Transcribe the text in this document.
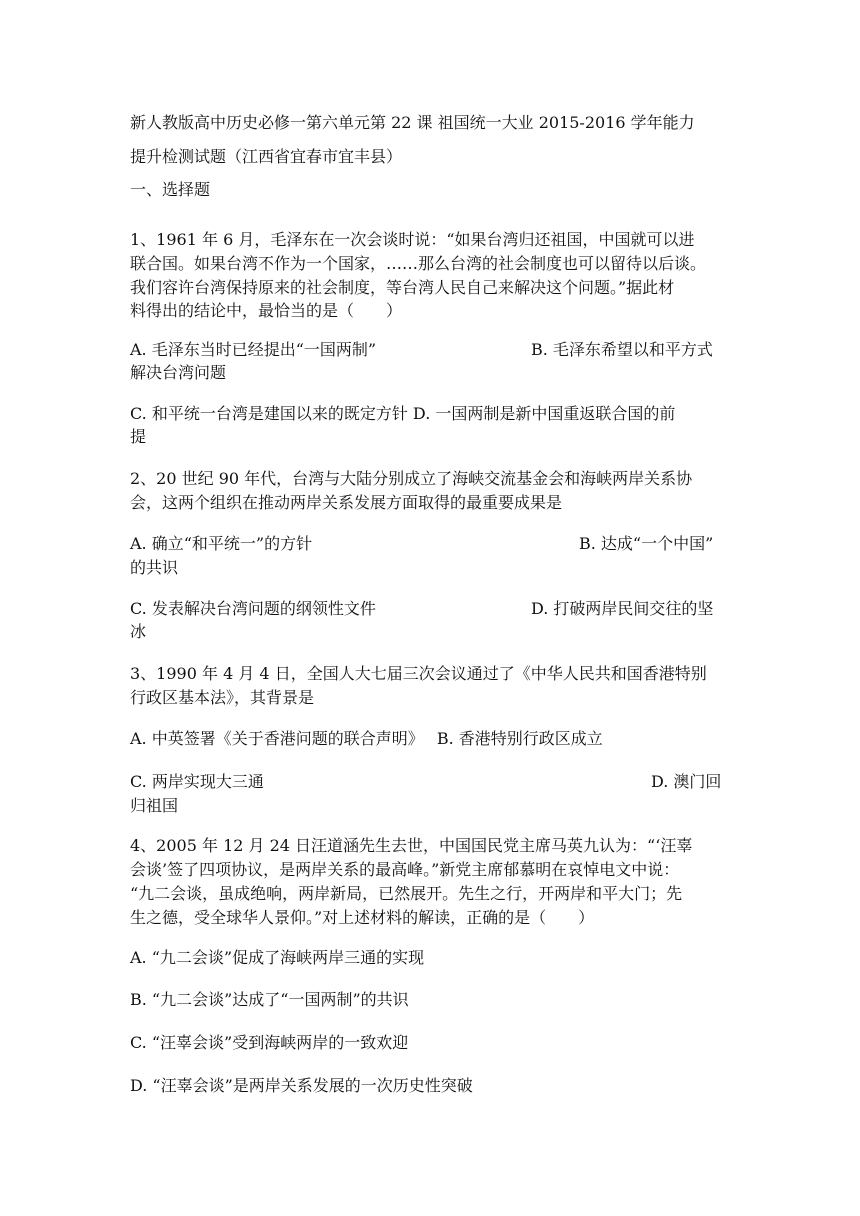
新人教版高中历史必修一第六单元第 22 课 祖国统一大业 2015-2016 学年能力
提升检测试题（江西省宜春市宜丰县）
一、选择题
1、1961 年 6 月，毛泽东在一次会谈时说：“如果台湾归还祖国，中国就可以进
联合国。如果台湾不作为一个国家，……那么台湾的社会制度也可以留待以后谈。
我们容许台湾保持原来的社会制度，等台湾人民自己来解决这个问题。”据此材
料得出的结论中，最恰当的是（　　）
A. 毛泽东当时已经提出“一国两制”	B. 毛泽东希望以和平方式
解决台湾问题
C. 和平统一台湾是建国以来的既定方针 D. 一国两制是新中国重返联合国的前
提
2、20 世纪 90 年代，台湾与大陆分别成立了海峡交流基金会和海峡两岸关系协
会，这两个组织在推动两岸关系发展方面取得的最重要成果是
A. 确立“和平统一”的方针	B. 达成“一个中国”
的共识
C. 发表解决台湾问题的纲领性文件	D. 打破两岸民间交往的坚
冰
3、1990 年 4 月 4 日，全国人大七届三次会议通过了《中华人民共和国香港特别
行政区基本法》，其背景是
A. 中英签署《关于香港问题的联合声明》　 B. 香港特别行政区成立
C. 两岸实现大三通	D. 澳门回
归祖国
4、2005 年 12 月 24 日汪道涵先生去世，中国国民党主席马英九认为：“‘汪辜
会谈’签了四项协议，是两岸关系的最高峰。”新党主席郁慕明在哀悼电文中说：
“九二会谈，虽成绝响，两岸新局，已然展开。先生之行，开两岸和平大门；先
生之德，受全球华人景仰。”对上述材料的解读，正确的是（　　）
A. “九二会谈”促成了海峡两岸三通的实现
B. “九二会谈”达成了“一国两制”的共识
C. “汪辜会谈”受到海峡两岸的一致欢迎
D. “汪辜会谈”是两岸关系发展的一次历史性突破
